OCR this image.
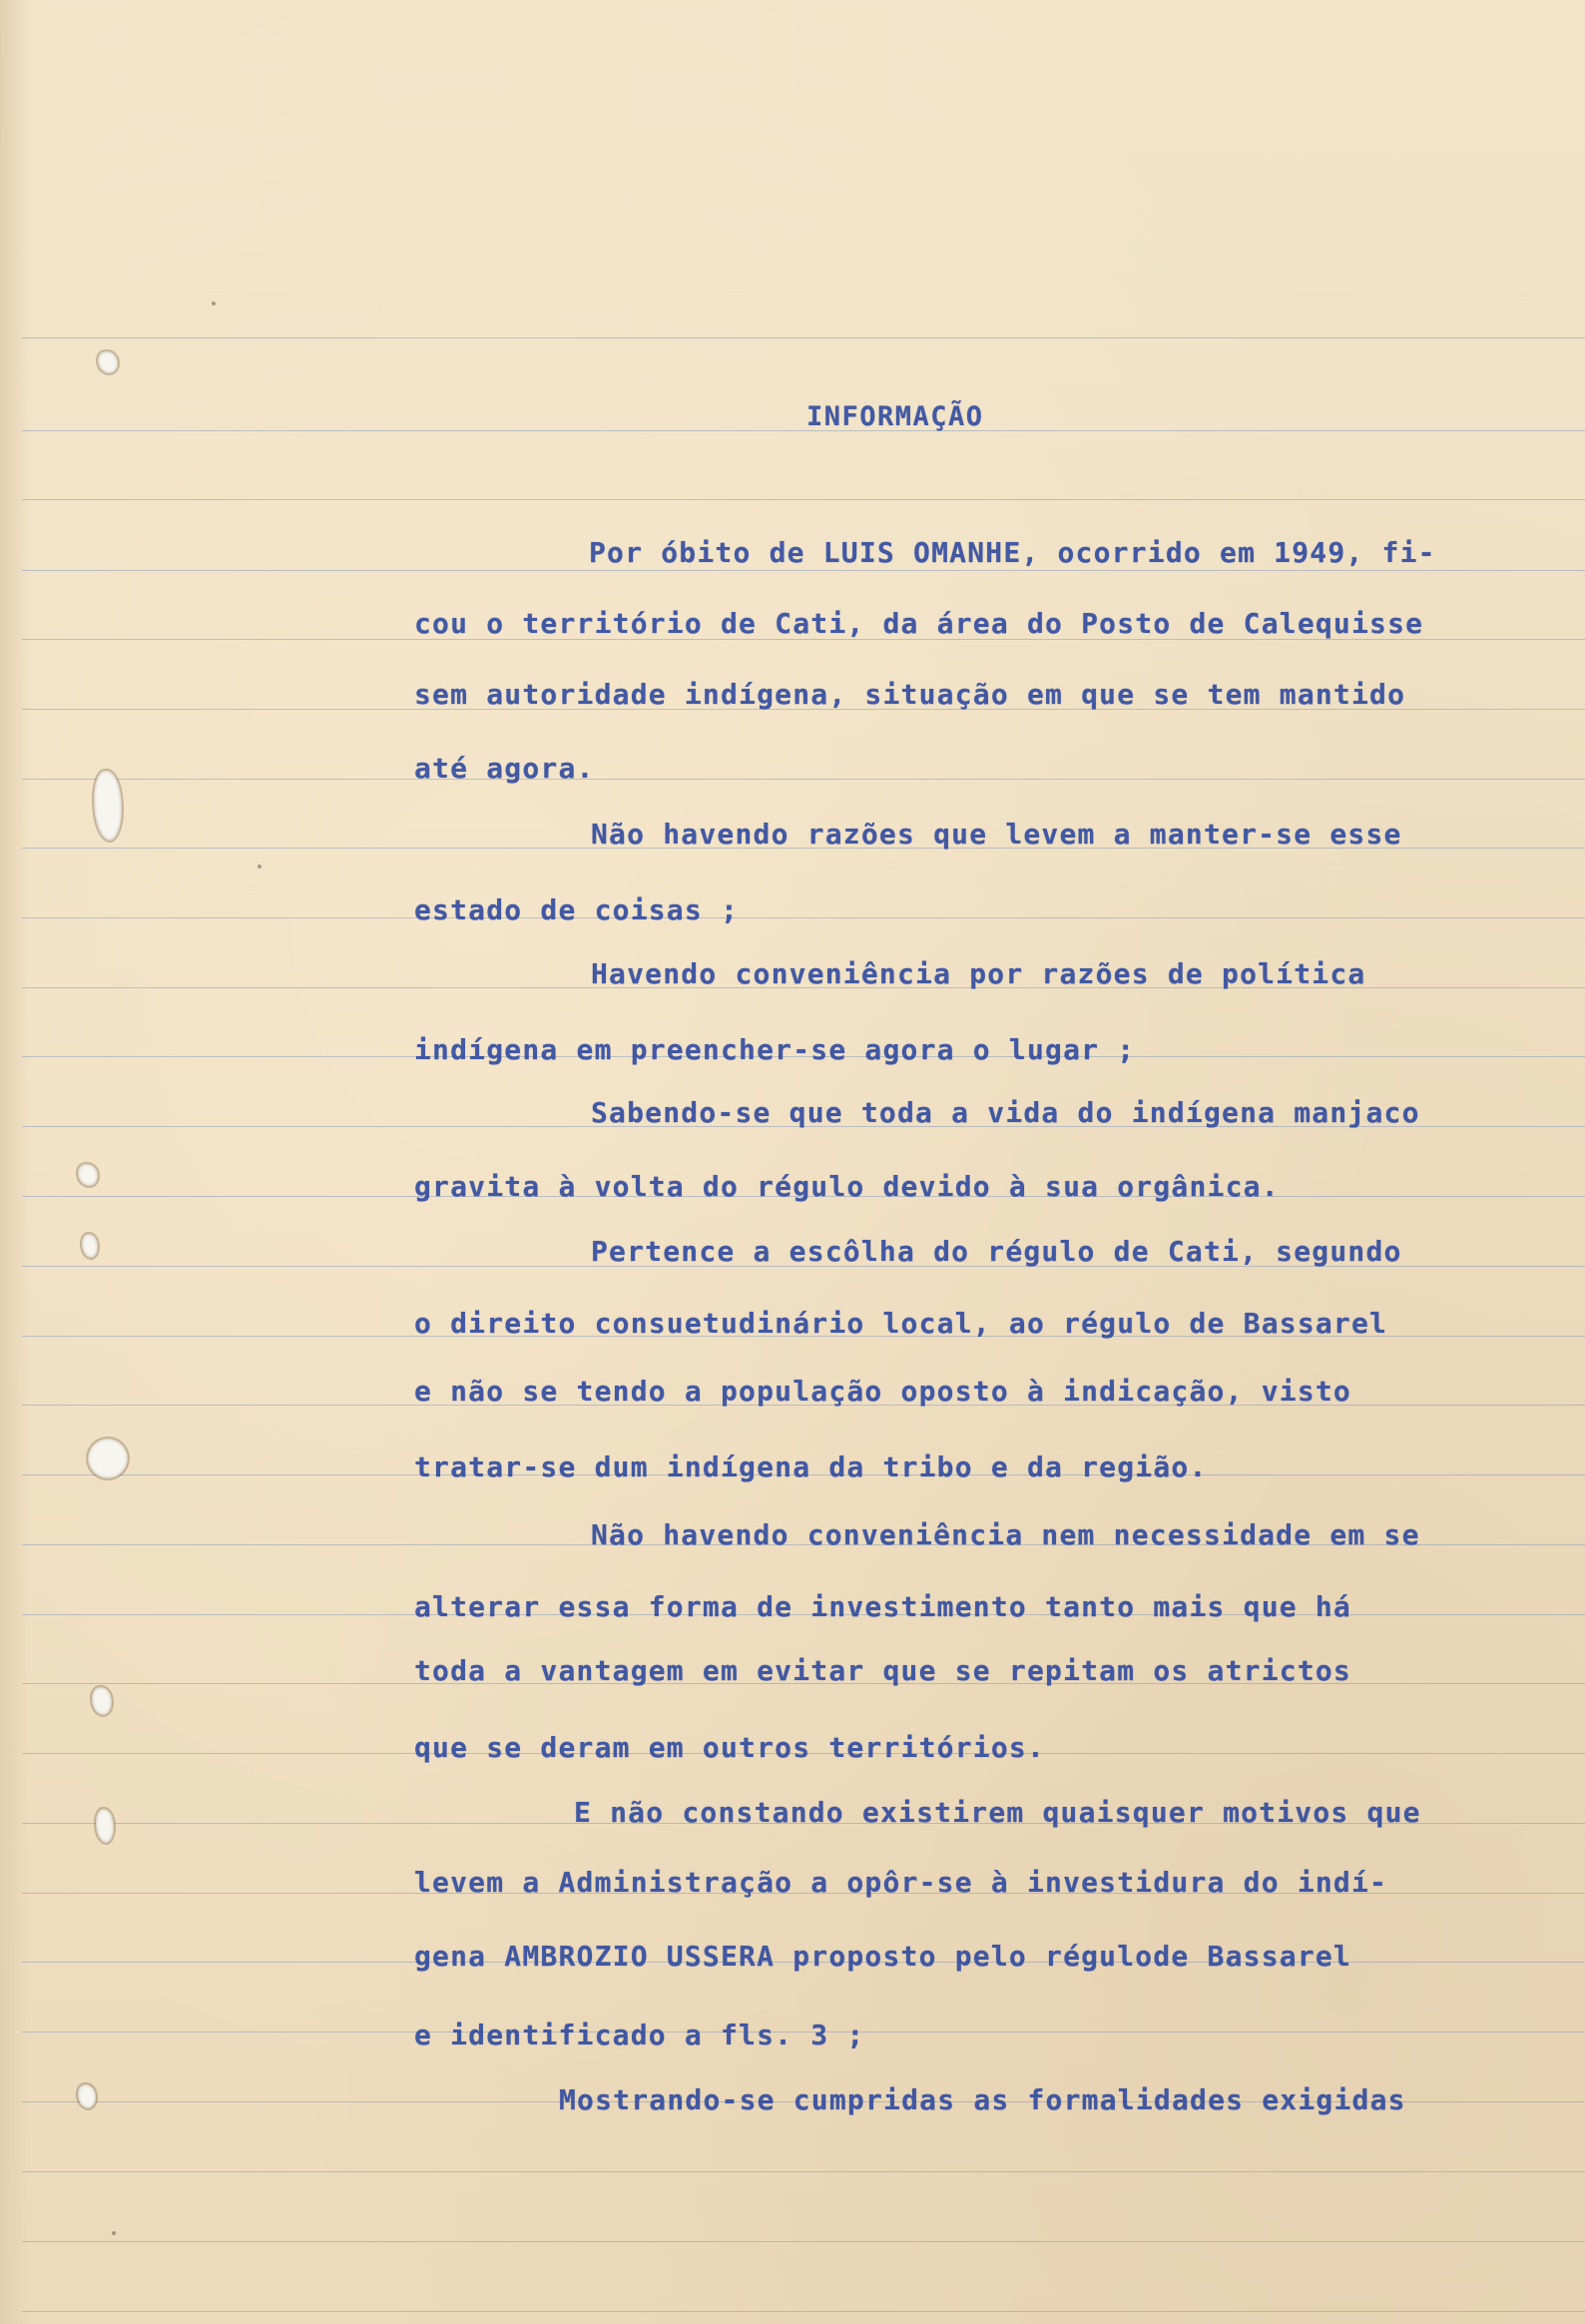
INFORMAÇÃO

Por óbito de LUIS OMANHE, ocorrido em 1949, fi-

cou o território de Cati, da área do Posto de Calequisse

sem autoridade indígena, situação em que se tem mantido

até agora.

Não havendo razões que levem a manter-se esse

estado de coisas ;

Havendo conveniência por razões de política

indígena em preencher-se agora o lugar ;

Sabendo-se que toda a vida do indígena manjaco

gravita à volta do régulo devido à sua orgânica.

Pertence a escôlha do régulo de Cati, segundo

o direito consuetudinário local, ao régulo de Bassarel

e não se tendo a população oposto à indicação, visto

tratar-se dum indígena da tribo e da região.

Não havendo conveniência nem necessidade em se

alterar essa forma de investimento tanto mais que há

toda a vantagem em evitar que se repitam os atrictos

que se deram em outros territórios.

E não constando existirem quaisquer motivos que

levem a Administração a opôr-se à investidura do indí-

gena AMBROZIO USSERA proposto pelo régulode Bassarel

e identificado a fls. 3 ;

Mostrando-se cumpridas as formalidades exigidas
